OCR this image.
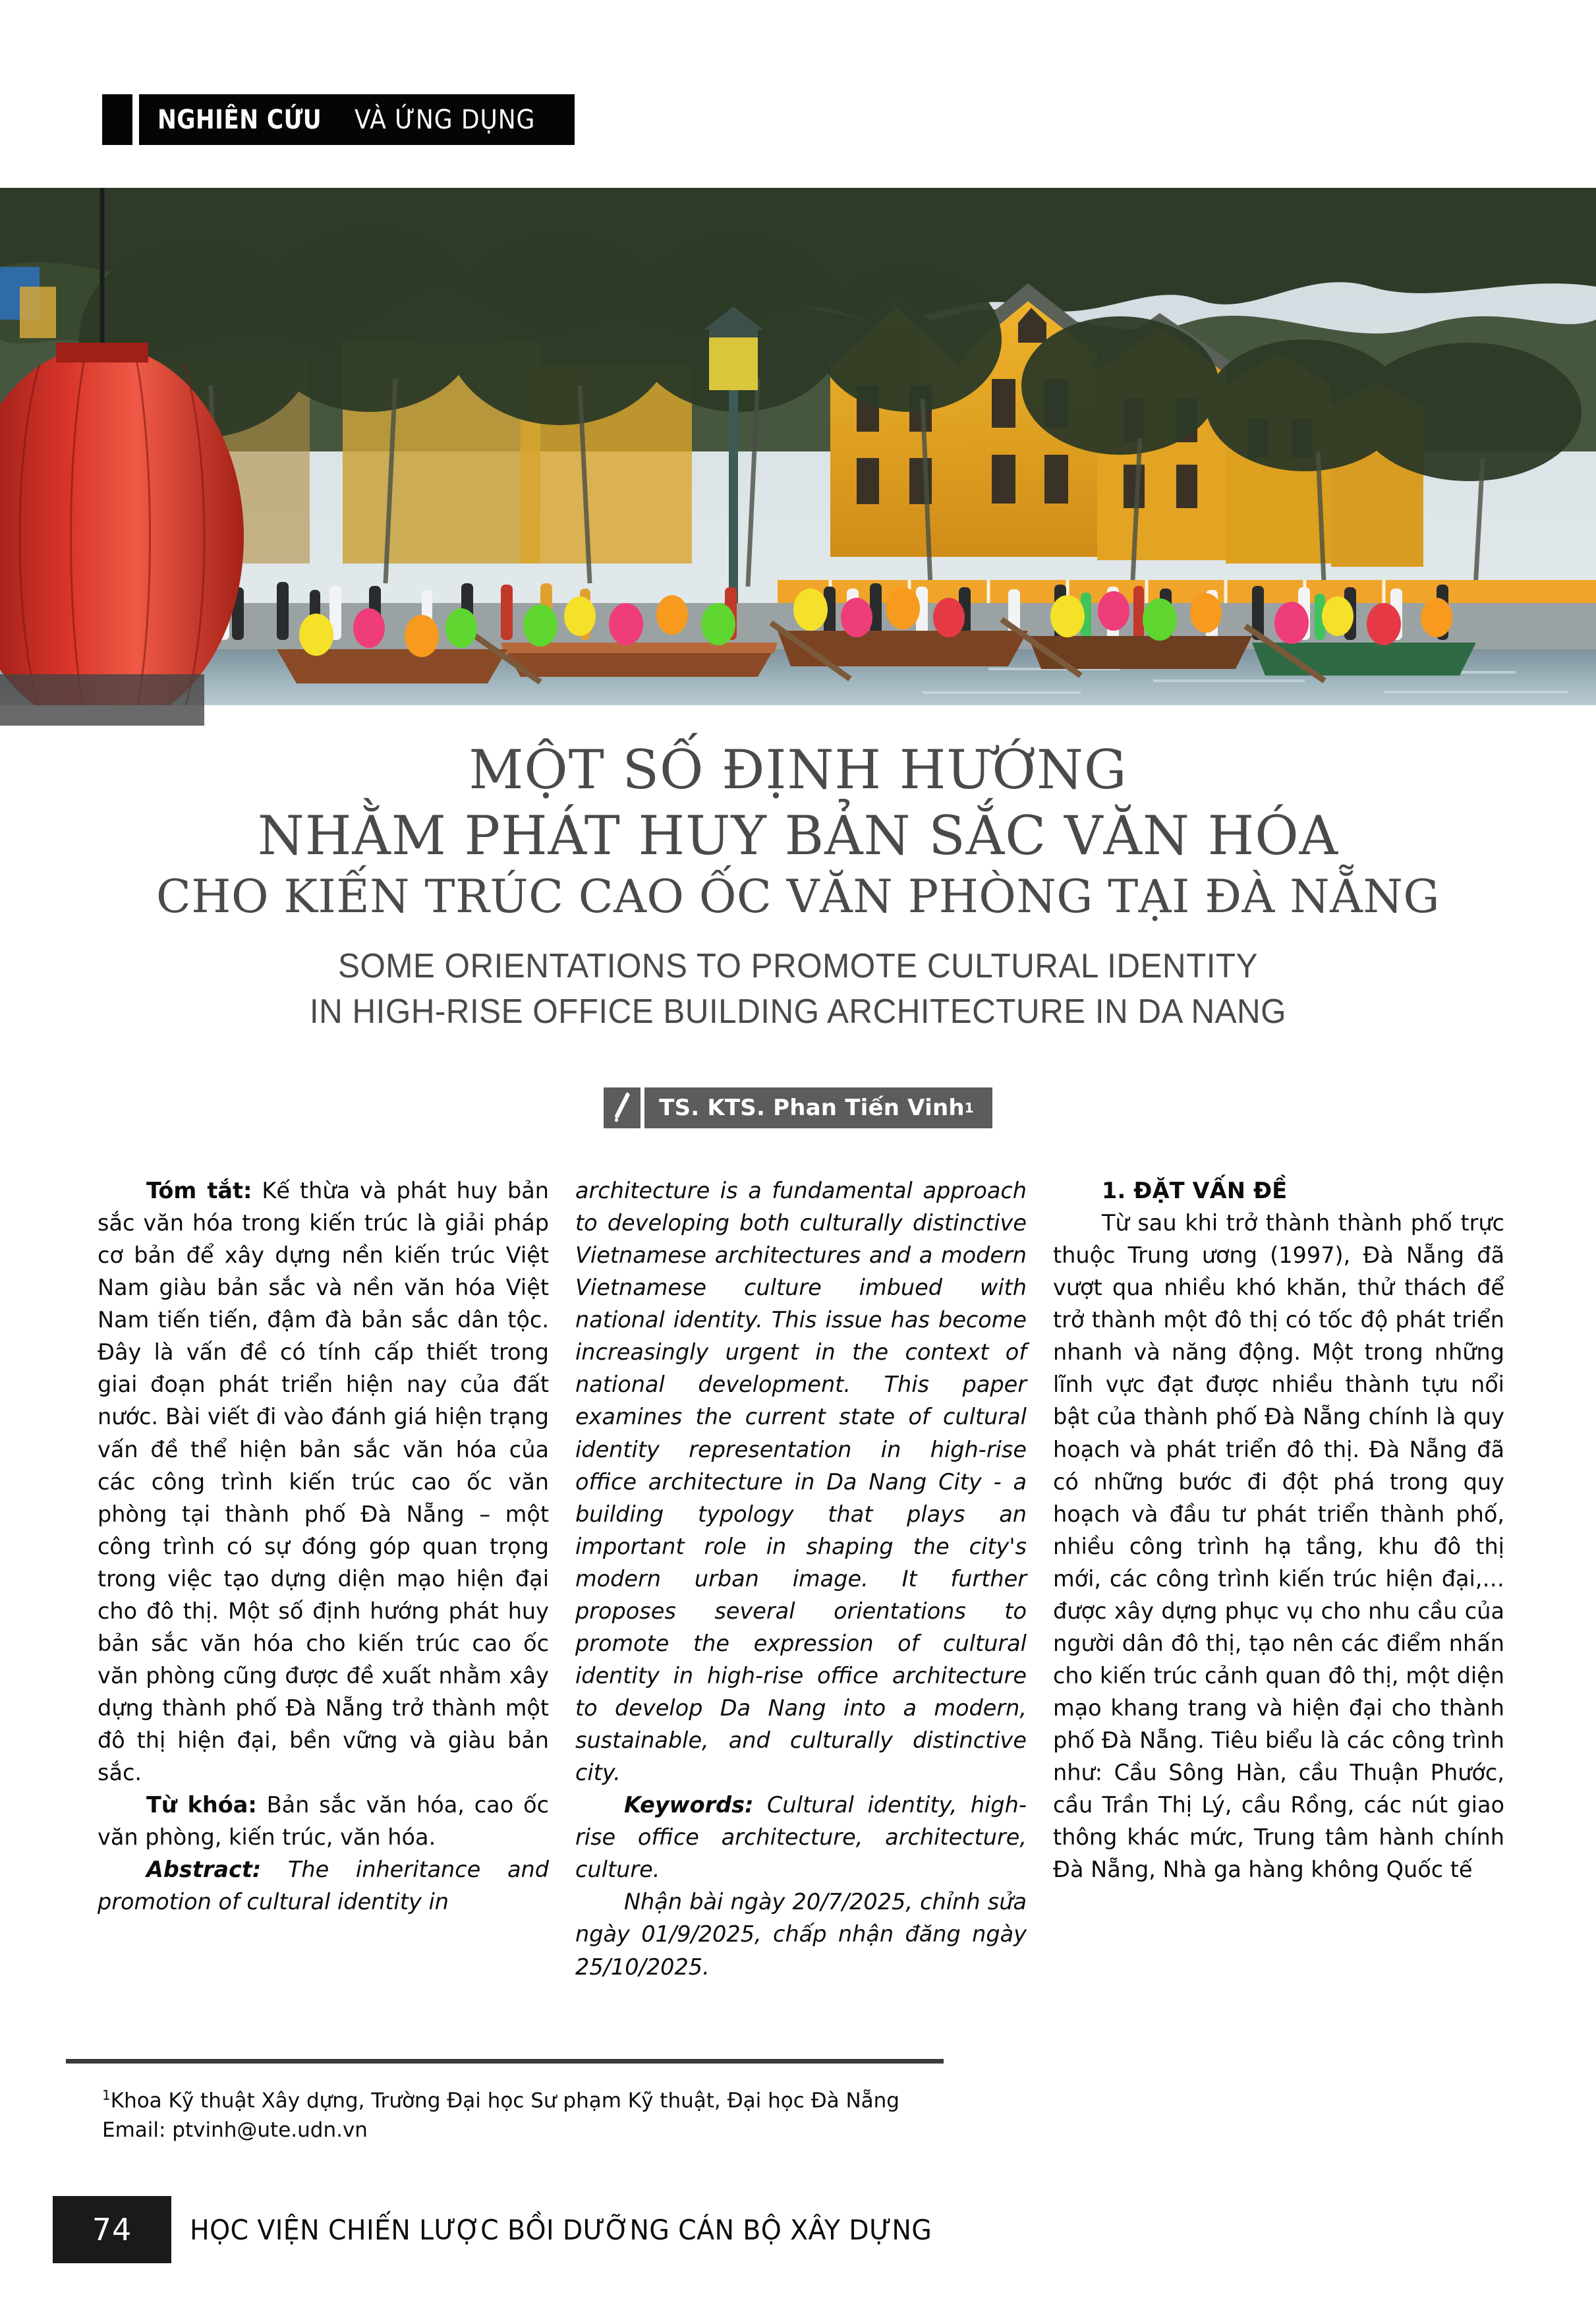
NGHIÊN CỨU VÀ ỨNG DỤNG
MỘT SỐ ĐỊNH HƯỚNG
NHẰM PHÁT HUY BẢN SẮC VĂN HÓA
CHO KIẾN TRÚC CAO ỐC VĂN PHÒNG TẠI ĐÀ NẴNG
SOME ORIENTATIONS TO PROMOTE CULTURAL IDENTITY
IN HIGH-RISE OFFICE BUILDING ARCHITECTURE IN DA NANG
TS. KTS. Phan Tiến Vinh 1

Tóm tắt: Kế thừa và phát huy bản sắc văn hóa trong kiến trúc là giải pháp cơ bản để xây dựng nền kiến trúc Việt Nam giàu bản sắc và nền văn hóa Việt Nam tiến tiến, đậm đà bản sắc dân tộc. Đây là vấn đề có tính cấp thiết trong giai đoạn phát triển hiện nay của đất nước. Bài viết đi vào đánh giá hiện trạng vấn đề thể hiện bản sắc văn hóa của các công trình kiến trúc cao ốc văn phòng tại thành phố Đà Nẵng – một công trình có sự đóng góp quan trọng trong việc tạo dựng diện mạo hiện đại cho đô thị. Một số định hướng phát huy bản sắc văn hóa cho kiến trúc cao ốc văn phòng cũng được đề xuất nhằm xây dựng thành phố Đà Nẵng trở thành một đô thị hiện đại, bền vững và giàu bản sắc.

Từ khóa: Bản sắc văn hóa, cao ốc văn phòng, kiến trúc, văn hóa.

Abstract: The inheritance and promotion of cultural identity in

architecture is a fundamental approach to developing both culturally distinctive Vietnamese architectures and a modern Vietnamese culture imbued with national identity. This issue has become increasingly urgent in the context of national development. This paper examines the current state of cultural identity representation in high-rise office architecture in Da Nang City - a building typology that plays an important role in shaping the city's modern urban image. It further proposes several orientations to promote the expression of cultural identity in high-rise office architecture to develop Da Nang into a modern, sustainable, and culturally distinctive city.

Keywords: Cultural identity, high-rise office architecture, architecture, culture.

Nhận bài ngày 20/7/2025, chỉnh sửa ngày 01/9/2025, chấp nhận đăng ngày 25/10/2025.

1. ĐẶT VẤN ĐỀ

Từ sau khi trở thành thành phố trực thuộc Trung ương (1997), Đà Nẵng đã vượt qua nhiều khó khăn, thử thách để trở thành một đô thị có tốc độ phát triển nhanh và năng động. Một trong những lĩnh vực đạt được nhiều thành tựu nổi bật của thành phố Đà Nẵng chính là quy hoạch và phát triển đô thị. Đà Nẵng đã có những bước đi đột phá trong quy hoạch và đầu tư phát triển thành phố, nhiều công trình hạ tầng, khu đô thị mới, các công trình kiến trúc hiện đại,… được xây dựng phục vụ cho nhu cầu của người dân đô thị, tạo nên các điểm nhấn cho kiến trúc cảnh quan đô thị, một diện mạo khang trang và hiện đại cho thành phố Đà Nẵng. Tiêu biểu là các công trình như: Cầu Sông Hàn, cầu Thuận Phước, cầu Trần Thị Lý, cầu Rồng, các nút giao thông khác mức, Trung tâm hành chính Đà Nẵng, Nhà ga hàng không Quốc tế

$^1$Khoa Kỹ thuật Xây dựng, Trường Đại học Sư phạm Kỹ thuật, Đại học Đà Nẵng
Email: ptvinh@ute.udn.vn
74	HỌC VIỆN CHIẾN LƯỢC BỒI DƯỠNG CÁN BỘ XÂY DỰNG
